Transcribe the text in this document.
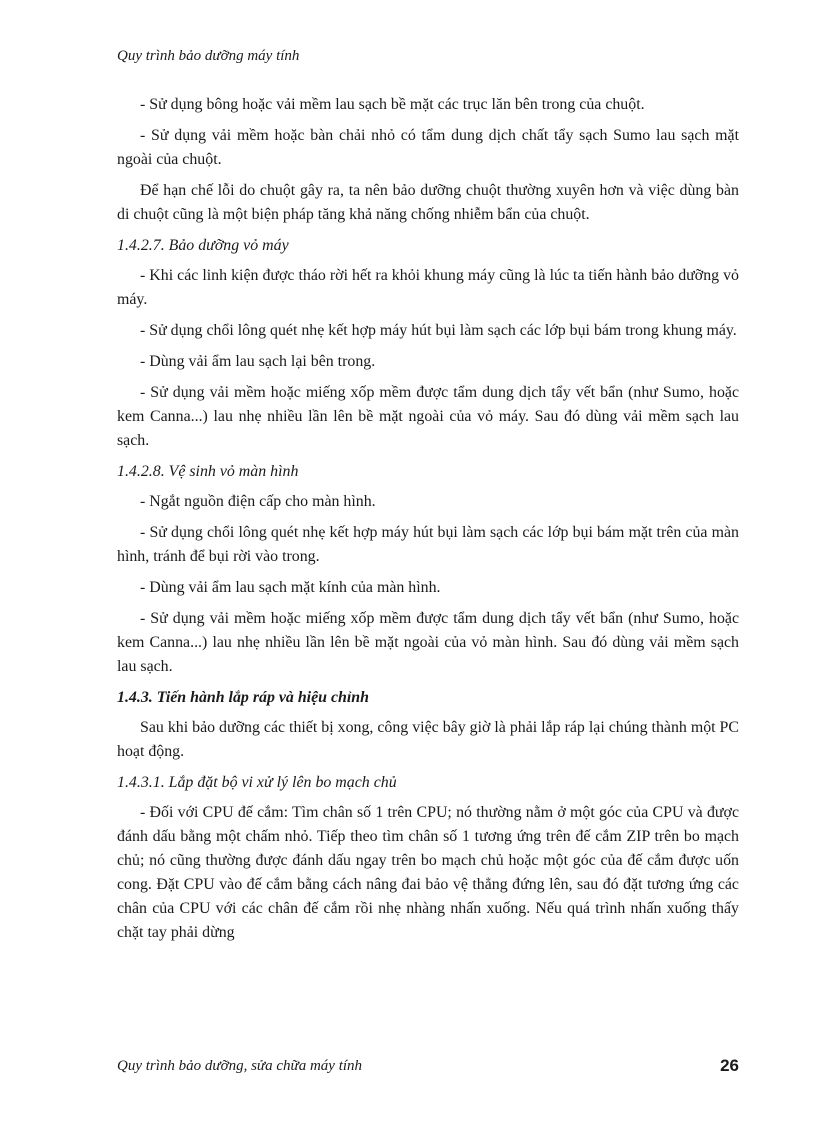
Quy trình bảo dưỡng máy tính

- Sử dụng bông hoặc vải mềm lau sạch bề mặt các trục lăn bên trong của chuột.

- Sử dụng vải mềm hoặc bàn chải nhỏ có tẩm dung dịch chất tẩy sạch Sumo lau sạch mặt ngoài của chuột.

Để hạn chế lỗi do chuột gây ra, ta nên bảo dưỡng chuột thường xuyên hơn và việc dùng bàn di chuột cũng là một biện pháp tăng khả năng chống nhiễm bẩn của chuột.

1.4.2.7. Bảo dưỡng vỏ máy

- Khi các linh kiện được tháo rời hết ra khỏi khung máy cũng là lúc ta tiến hành bảo dưỡng vỏ máy.

- Sử dụng chổi lông quét nhẹ kết hợp máy hút bụi làm sạch các lớp bụi bám trong khung máy.

- Dùng vải ẩm lau sạch lại bên trong.

- Sử dụng vải mềm hoặc miếng xốp mềm được tẩm dung dịch tẩy vết bẩn (như Sumo, hoặc kem Canna...) lau nhẹ nhiều lần lên bề mặt ngoài của vỏ máy. Sau đó dùng vải mềm sạch lau sạch.

1.4.2.8. Vệ sinh vỏ màn hình

- Ngắt nguồn điện cấp cho màn hình.

- Sử dụng chổi lông quét nhẹ kết hợp máy hút bụi làm sạch các lớp bụi bám mặt trên của màn hình, tránh để bụi rời vào trong.

- Dùng vải ẩm lau sạch mặt kính của màn hình.

- Sử dụng vải mềm hoặc miếng xốp mềm được tẩm dung dịch tẩy vết bẩn (như Sumo, hoặc kem Canna...) lau nhẹ nhiều lần lên bề mặt ngoài của vỏ màn hình. Sau đó dùng vải mềm sạch lau sạch.

1.4.3. Tiến hành lắp ráp và hiệu chỉnh

Sau khi bảo dưỡng các thiết bị xong, công việc bây giờ là phải lắp ráp lại chúng thành một PC hoạt động.

1.4.3.1. Lắp đặt bộ vi xử lý lên bo mạch chủ

- Đối với CPU đế cắm: Tìm chân số 1 trên CPU; nó thường nằm ở một góc của CPU và được đánh dấu bằng một chấm nhỏ. Tiếp theo tìm chân số 1 tương ứng trên đế cắm ZIP trên bo mạch chủ; nó cũng thường được đánh dấu ngay trên bo mạch chủ hoặc một góc của đế cắm được uốn cong. Đặt CPU vào đế cắm bằng cách nâng đai bảo vệ thẳng đứng lên, sau đó đặt tương ứng các chân của CPU với các chân đế cắm rồi nhẹ nhàng nhấn xuống. Nếu quá trình nhấn xuống thấy chặt tay phải dừng

Quy trình bảo dưỡng, sửa chữa máy tính	26
